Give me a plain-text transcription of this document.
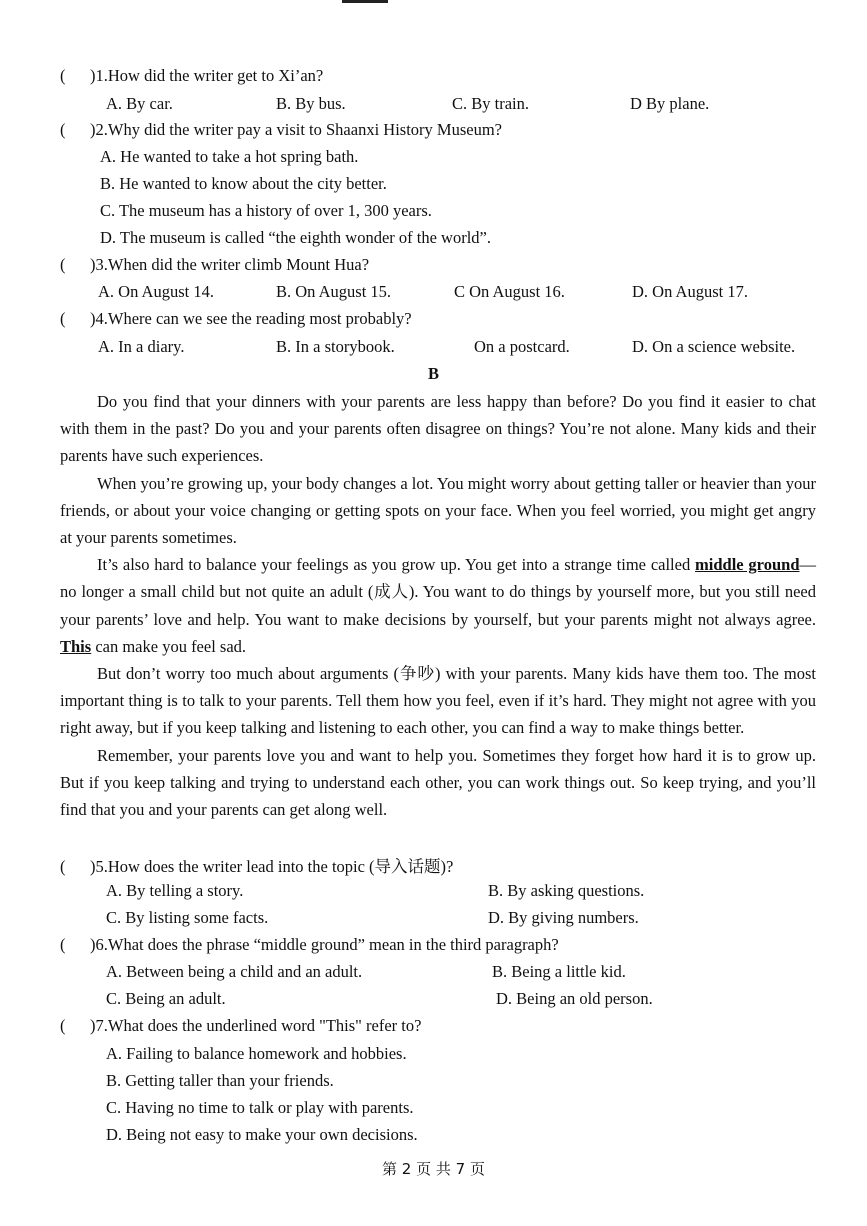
( )1.How did the writer get to Xi’an?
A. By car.	B. By bus.	C. By train.	D By plane.
( )2.Why did the writer pay a visit to Shaanxi History Museum?
A. He wanted to take a hot spring bath.
B. He wanted to know about the city better.
C. The museum has a history of over 1, 300 years.
D. The museum is called “the eighth wonder of the world”.
( )3.When did the writer climb Mount Hua?
A. On August 14.	B. On August 15.	C On August 16.	D. On August 17.
( )4.Where can we see the reading most probably?
A. In a diary.	B. In a storybook.	On a postcard.	D. On a science website.
B

Do you find that your dinners with your parents are less happy than before? Do you find it easier to chat with them in the past? Do you and your parents often disagree on things? You’re not alone. Many kids and their parents have such experiences.

When you’re growing up, your body changes a lot. You might worry about getting taller or heavier than your friends, or about your voice changing or getting spots on your face. When you feel worried, you might get angry at your parents sometimes.

It’s also hard to balance your feelings as you grow up. You get into a strange time called middle ground—no longer a small child but not quite an adult (成人). You want to do things by yourself more, but you still need your parents’ love and help. You want to make decisions by yourself, but your parents might not always agree. This can make you feel sad.

But don’t worry too much about arguments (争吵) with your parents. Many kids have them too. The most important thing is to talk to your parents. Tell them how you feel, even if it’s hard. They might not agree with you right away, but if you keep talking and listening to each other, you can find a way to make things better.

Remember, your parents love you and want to help you. Sometimes they forget how hard it is to grow up. But if you keep talking and trying to understand each other, you can work things out. So keep trying, and you’ll find that you and your parents can get along well.

( )5.How does the writer lead into the topic (导入话题)?
A. By telling a story.	B. By asking questions.
C. By listing some facts.	D. By giving numbers.
( )6.What does the phrase “middle ground” mean in the third paragraph?
A. Between being a child and an adult.	B. Being a little kid.
C. Being an adult.	D. Being an old person.
( )7.What does the underlined word "This" refer to?
A. Failing to balance homework and hobbies.
B. Getting taller than your friends.
C. Having no time to talk or play with parents.
D. Being not easy to make your own decisions.
第 2 页 共 7 页
